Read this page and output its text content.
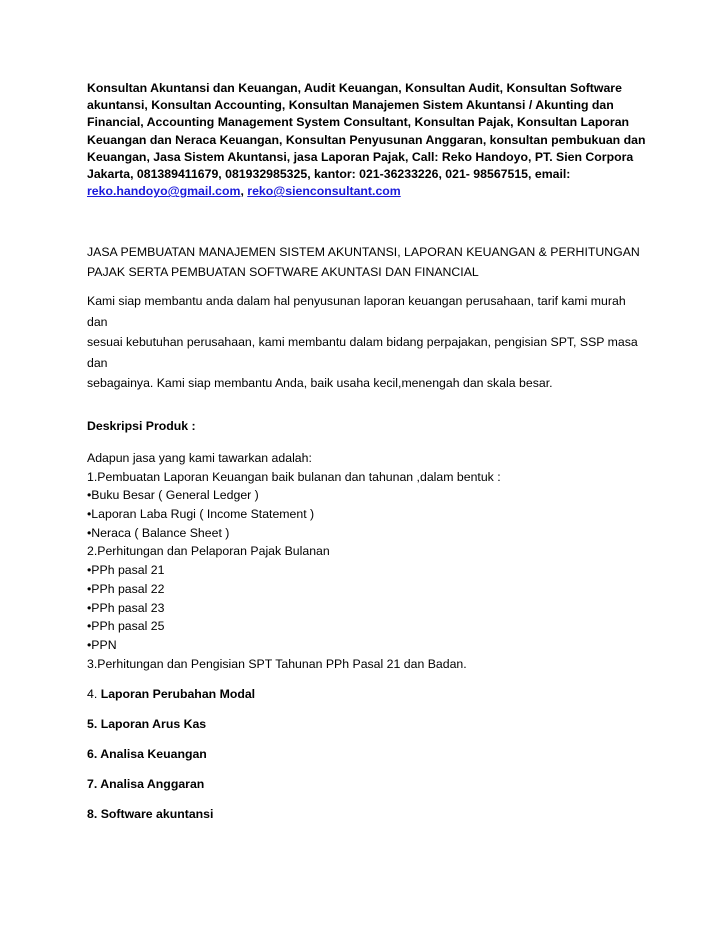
Konsultan Akuntansi dan Keuangan, Audit Keuangan, Konsultan Audit, Konsultan Software akuntansi, Konsultan Accounting, Konsultan Manajemen Sistem Akuntansi / Akunting dan Financial, Accounting Management System Consultant, Konsultan Pajak, Konsultan Laporan Keuangan dan Neraca Keuangan, Konsultan Penyusunan Anggaran, konsultan pembukuan dan Keuangan, Jasa Sistem Akuntansi, jasa Laporan Pajak, Call: Reko Handoyo, PT. Sien Corpora Jakarta, 081389411679, 081932985325, kantor: 021-36233226, 021- 98567515, email:
reko.handoyo@gmail.com, reko@sienconsultant.com

JASA PEMBUATAN MANAJEMEN SISTEM AKUNTANSI, LAPORAN KEUANGAN & PERHITUNGAN
PAJAK SERTA PEMBUATAN SOFTWARE AKUNTASI DAN FINANCIAL
Kami siap membantu anda dalam hal penyusunan laporan keuangan perusahaan, tarif kami murah dan
sesuai kebutuhan perusahaan, kami membantu dalam bidang perpajakan, pengisian SPT, SSP masa dan
sebagainya. Kami siap membantu Anda, baik usaha kecil,menengah dan skala besar.
Deskripsi Produk :
Adapun jasa yang kami tawarkan adalah:
1.Pembuatan Laporan Keuangan baik bulanan dan tahunan ,dalam bentuk :
•Buku Besar ( General Ledger )
•Laporan Laba Rugi ( Income Statement )
•Neraca ( Balance Sheet )
2.Perhitungan dan Pelaporan Pajak Bulanan
•PPh pasal 21
•PPh pasal 22
•PPh pasal 23
•PPh pasal 25
•PPN
3.Perhitungan dan Pengisian SPT Tahunan PPh Pasal 21 dan Badan.
4. Laporan Perubahan Modal
5. Laporan Arus Kas
6. Analisa Keuangan
7. Analisa Anggaran
8. Software akuntansi
